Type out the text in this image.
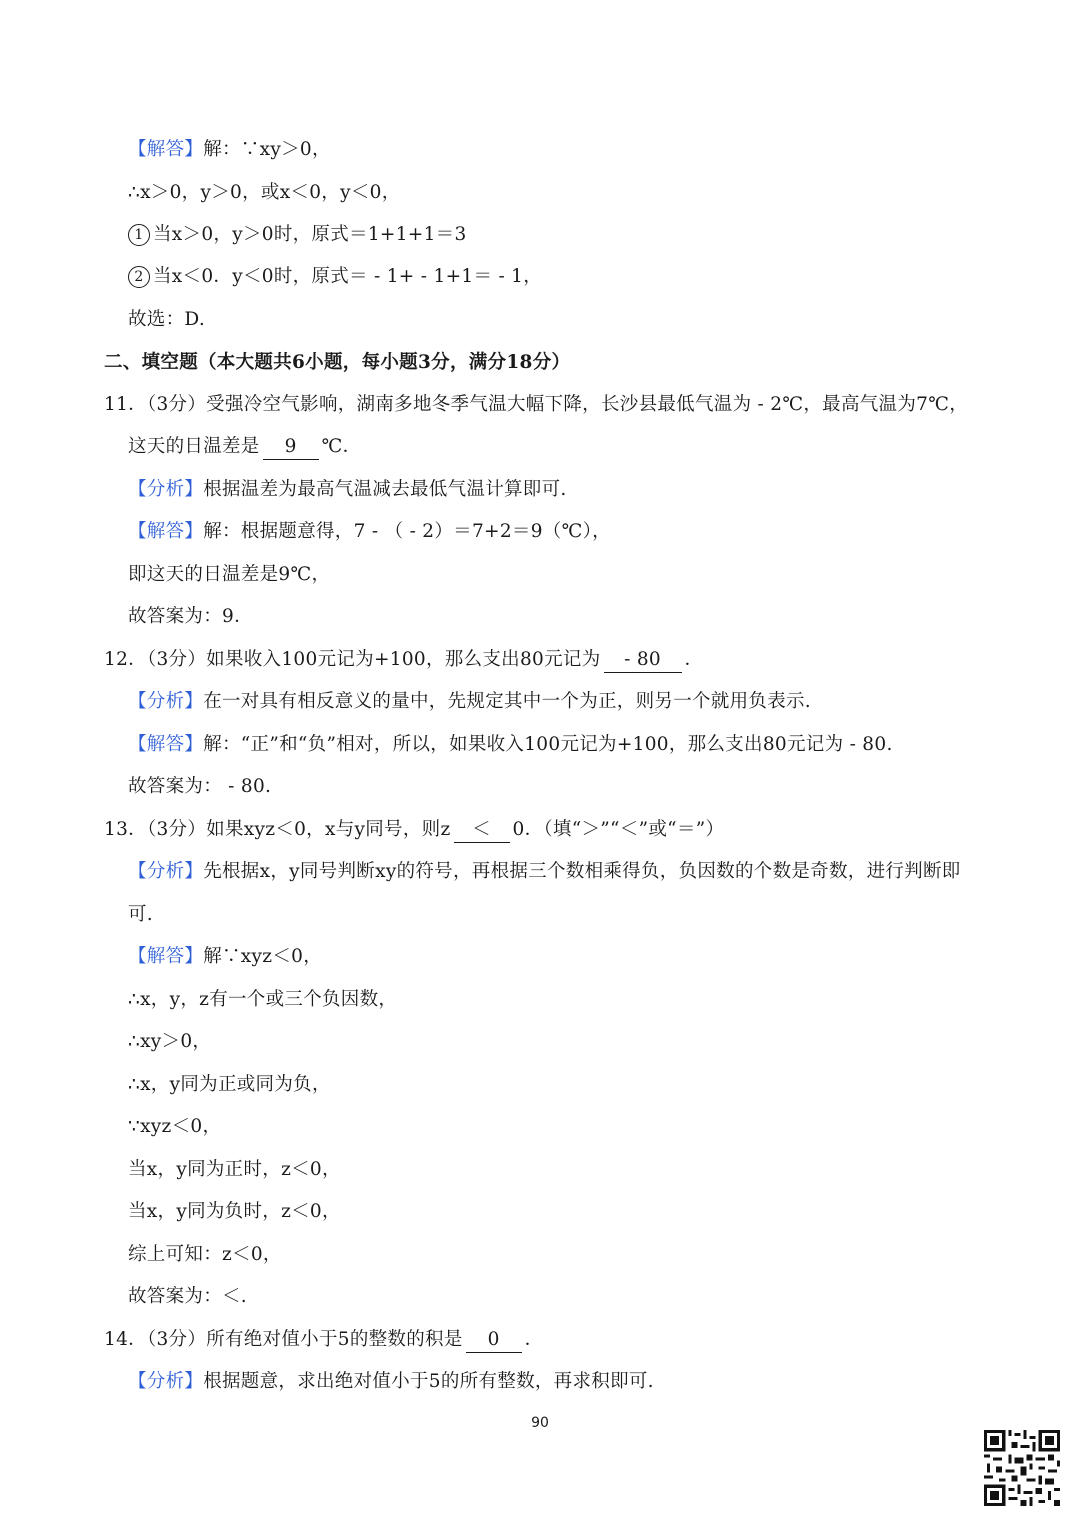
【解答】解：∵xy＞0，
∴x＞0，y＞0，或x＜0，y＜0，
1 当x＞0，y＞0时，原式＝1+1+1＝3
2 当x＜0．y＜0时，原式＝ - 1+ - 1+1＝ - 1，
故选：D.
二、填空题（本大题共6小题，每小题3分，满分18分）
11．（3分）受强冷空气影响，湖南多地冬季气温大幅下降，长沙县最低气温为 - 2℃，最高气温为7℃，
这天的日温差是 9 ℃．
【分析】根据温差为最高气温减去最低气温计算即可.
【解答】解：根据题意得，7 - （ - 2）＝7+2＝9（℃），
即这天的日温差是9℃，
故答案为：9．
12．（3分）如果收入100元记为+100，那么支出80元记为 - 80 ．
【分析】在一对具有相反意义的量中，先规定其中一个为正，则另一个就用负表示.
【解答】解：“正”和“负”相对，所以，如果收入100元记为+100，那么支出80元记为 - 80.
故答案为： - 80.
13．（3分）如果xyz＜0，x与y同号，则z ＜ 0．（填“＞”“＜”或“＝”）
【分析】先根据x，y同号判断xy的符号，再根据三个数相乘得负，负因数的个数是奇数，进行判断即
可.
【解答】解∵xyz＜0，
∴x，y，z有一个或三个负因数，
∴xy＞0，
∴x，y同为正或同为负，
∵xyz＜0，
当x，y同为正时，z＜0，
当x，y同为负时，z＜0，
综上可知：z＜0，
故答案为：＜.
14．（3分）所有绝对值小于5的整数的积是 0 ．
【分析】根据题意，求出绝对值小于5的所有整数，再求积即可.
90
